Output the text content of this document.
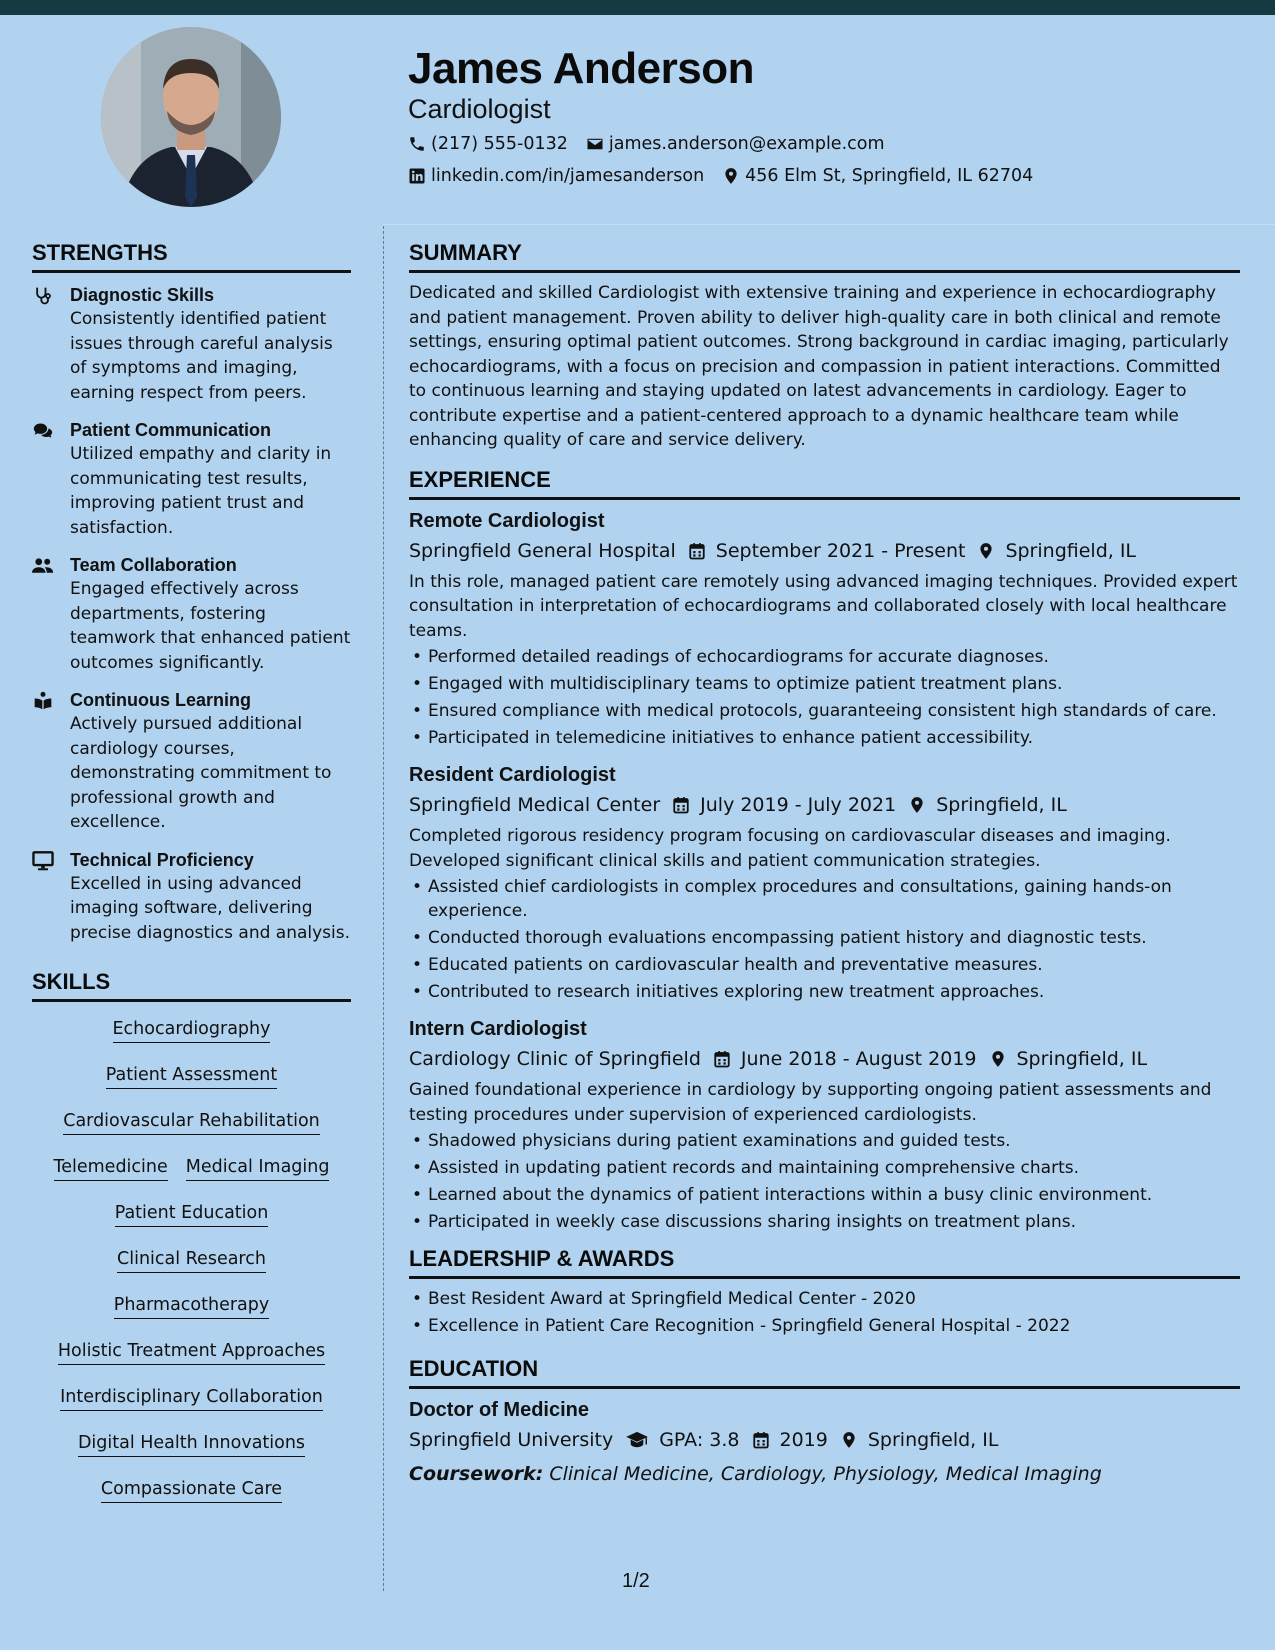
James Anderson
Cardiologist
(217) 555-0132 james.anderson@example.com
linkedin.com/in/jamesanderson 456 Elm St, Springfield, IL 62704
STRENGTHS
Diagnostic Skills
Consistently identified patient issues through careful analysis of symptoms and imaging, earning respect from peers.
Patient Communication
Utilized empathy and clarity in communicating test results, improving patient trust and satisfaction.
Team Collaboration
Engaged effectively across departments, fostering teamwork that enhanced patient outcomes significantly.
Continuous Learning
Actively pursued additional cardiology courses, demonstrating commitment to professional growth and excellence.
Technical Proficiency
Excelled in using advanced imaging software, delivering precise diagnostics and analysis.
SKILLS
Echocardiography
Patient Assessment
Cardiovascular Rehabilitation
Telemedicine Medical Imaging
Patient Education
Clinical Research
Pharmacotherapy
Holistic Treatment Approaches
Interdisciplinary Collaboration
Digital Health Innovations
Compassionate Care
SUMMARY
Dedicated and skilled Cardiologist with extensive training and experience in echocardiography and patient management. Proven ability to deliver high-quality care in both clinical and remote settings, ensuring optimal patient outcomes. Strong background in cardiac imaging, particularly echocardiograms, with a focus on precision and compassion in patient interactions. Committed to continuous learning and staying updated on latest advancements in cardiology. Eager to contribute expertise and a patient-centered approach to a dynamic healthcare team while enhancing quality of care and service delivery.
EXPERIENCE
Remote Cardiologist
Springfield General Hospital September 2021 - Present Springfield, IL
In this role, managed patient care remotely using advanced imaging techniques. Provided expert consultation in interpretation of echocardiograms and collaborated closely with local healthcare teams.
• Performed detailed readings of echocardiograms for accurate diagnoses.
• Engaged with multidisciplinary teams to optimize patient treatment plans.
• Ensured compliance with medical protocols, guaranteeing consistent high standards of care.
• Participated in telemedicine initiatives to enhance patient accessibility.
Resident Cardiologist
Springfield Medical Center July 2019 - July 2021 Springfield, IL
Completed rigorous residency program focusing on cardiovascular diseases and imaging. Developed significant clinical skills and patient communication strategies.
• Assisted chief cardiologists in complex procedures and consultations, gaining hands-on experience.
• Conducted thorough evaluations encompassing patient history and diagnostic tests.
• Educated patients on cardiovascular health and preventative measures.
• Contributed to research initiatives exploring new treatment approaches.
Intern Cardiologist
Cardiology Clinic of Springfield June 2018 - August 2019 Springfield, IL
Gained foundational experience in cardiology by supporting ongoing patient assessments and testing procedures under supervision of experienced cardiologists.
• Shadowed physicians during patient examinations and guided tests.
• Assisted in updating patient records and maintaining comprehensive charts.
• Learned about the dynamics of patient interactions within a busy clinic environment.
• Participated in weekly case discussions sharing insights on treatment plans.
LEADERSHIP & AWARDS
• Best Resident Award at Springfield Medical Center - 2020
• Excellence in Patient Care Recognition - Springfield General Hospital - 2022
EDUCATION
Doctor of Medicine
Springfield University GPA: 3.8 2019 Springfield, IL
Coursework: Clinical Medicine, Cardiology, Physiology, Medical Imaging
1/2
